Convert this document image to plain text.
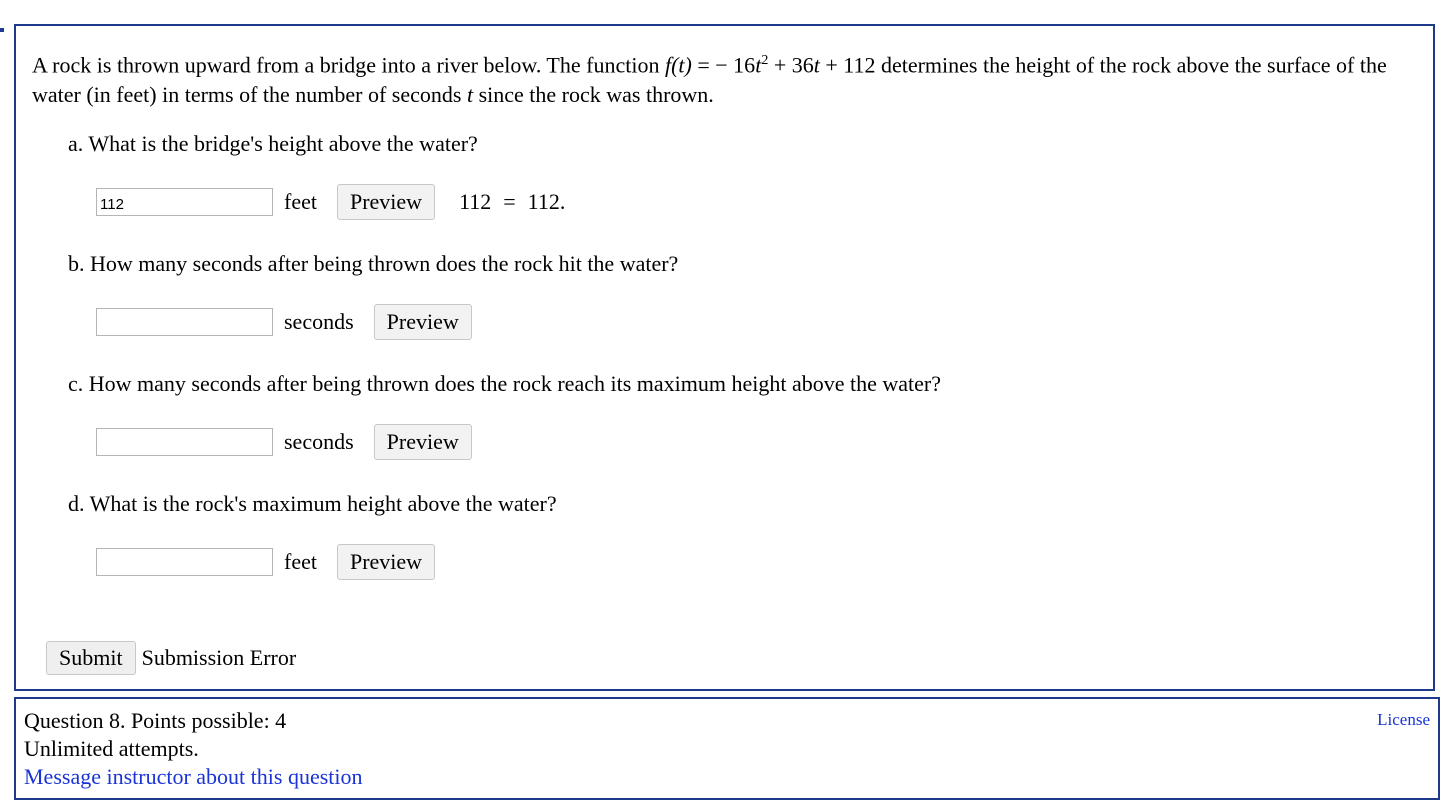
A rock is thrown upward from a bridge into a river below. The function f(t) = − $16t^2 + 36t + 112$ determines the height of the rock above the surface of the water (in feet) in terms of the number of seconds t since the rock was thrown.
a. What is the bridge's height above the water?
112
feet	Preview	112 = 112.
b. How many seconds after being thrown does the rock hit the water?
seconds	Preview
c. How many seconds after being thrown does the rock reach its maximum height above the water?
seconds	Preview
d. What is the rock's maximum height above the water?
feet	Preview
Submit Submission Error
Question 8. Points possible: 4
Unlimited attempts.
Message instructor about this question
License
